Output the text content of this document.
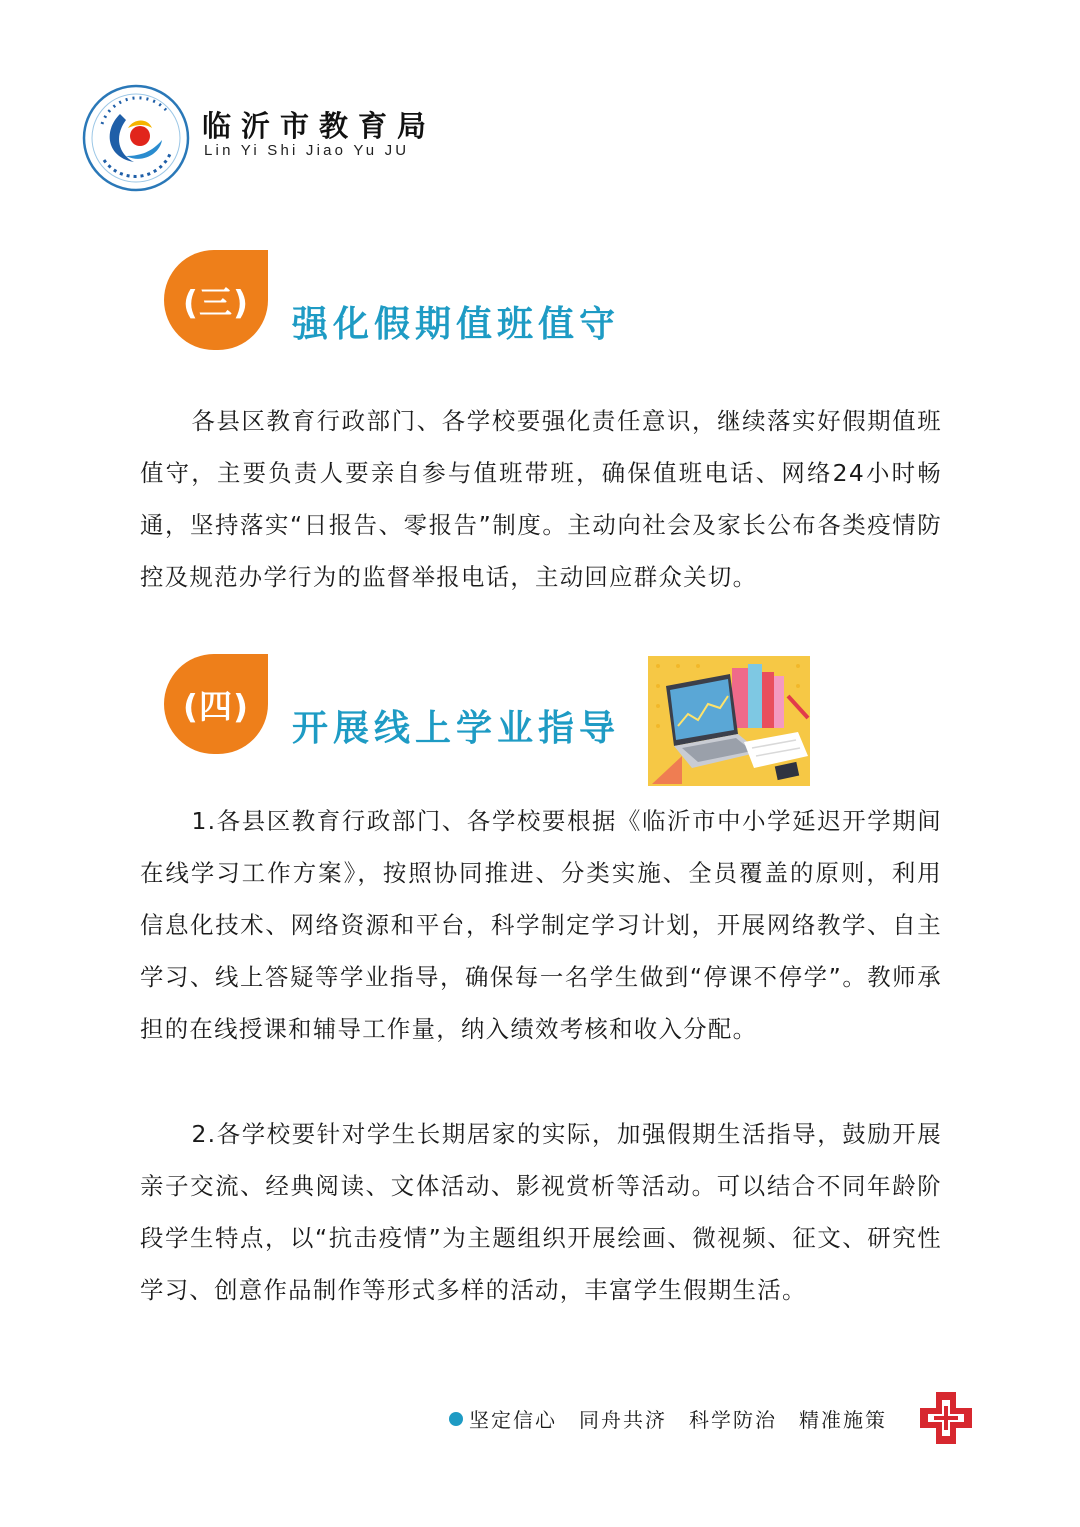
临沂市教育局
Lin Yi Shi Jiao Yu JU
(三)
强化假期值班值守

各县区教育行政部门、各学校要强化责任意识，继续落实好假期值班值守，主要负责人要亲自参与值班带班，确保值班电话、网络24小时畅通，坚持落实“日报告、零报告”制度。主动向社会及家长公布各类疫情防控及规范办学行为的监督举报电话，主动回应群众关切。

(四)
开展线上学业指导

1.各县区教育行政部门、各学校要根据《临沂市中小学延迟开学期间在线学习工作方案》，按照协同推进、分类实施、全员覆盖的原则，利用信息化技术、网络资源和平台，科学制定学习计划，开展网络教学、自主学习、线上答疑等学业指导，确保每一名学生做到“停课不停学”。教师承担的在线授课和辅导工作量，纳入绩效考核和收入分配。

2.各学校要针对学生长期居家的实际，加强假期生活指导，鼓励开展亲子交流、经典阅读、文体活动、影视赏析等活动。可以结合不同年龄阶段学生特点，以“抗击疫情”为主题组织开展绘画、微视频、征文、研究性学习、创意作品制作等形式多样的活动，丰富学生假期生活。

坚定信心 同舟共济 科学防治 精准施策
